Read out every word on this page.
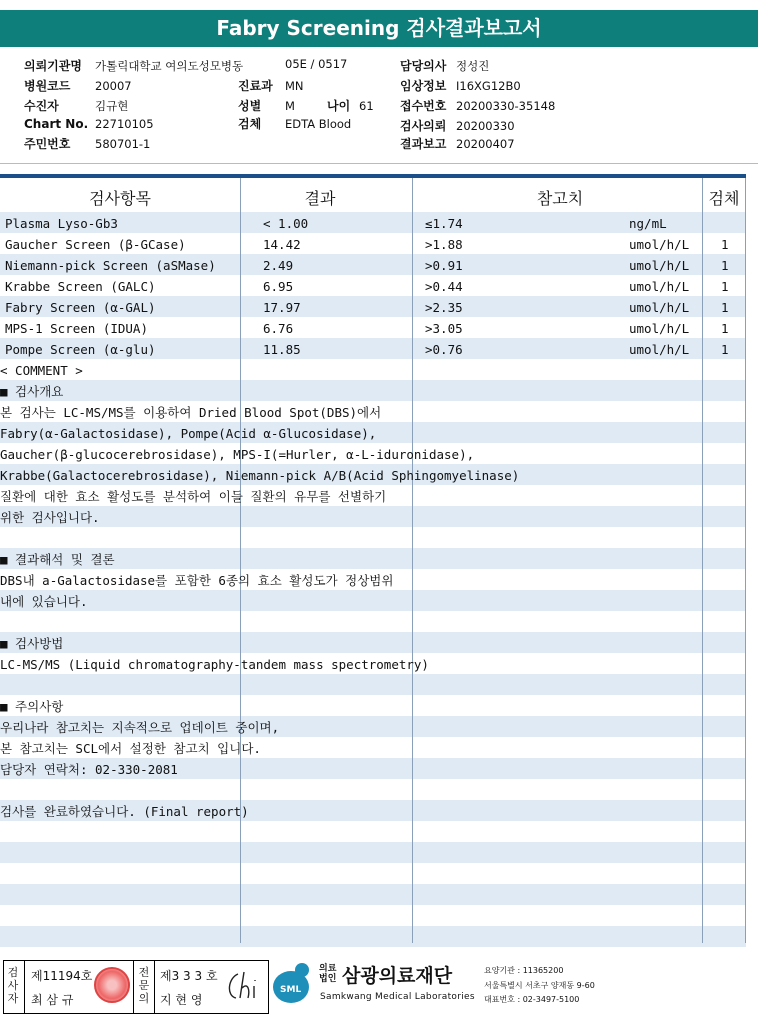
Fabry Screening 검사결과보고서
의뢰기관명 가톨릭대학교 여의도성모병동
병원코드 20007
수진자	김규현
Chart No. 22710105
주민번호 580701-1
05E / 0517
진료과 MN
성별 M
검체 EDTA Blood
나이 61
담당의사 정성진
임상정보 I16XG12B0
접수번호 20200330-35148
검사의뢰 20200330
결과보고 20200407
검사항목	결과	참고치	검체
Plasma Lyso-Gb3	< 1.00	≤1.74	ng/mL
Gaucher Screen (β-GCase)	14.42	>1.88	umol/h/L	1
Niemann-pick Screen (aSMase)	2.49	>0.91	umol/h/L	1
Krabbe Screen (GALC)	6.95	>0.44	umol/h/L	1
Fabry Screen (α-GAL)	17.97	>2.35	umol/h/L	1
MPS-1 Screen (IDUA)	6.76	>3.05	umol/h/L	1
Pompe Screen (α-glu)	11.85	>0.76	umol/h/L	1
< COMMENT >
■ 검사개요
본 검사는 LC-MS/MS를 이용하여 Dried Blood Spot(DBS)에서
Fabry(α-Galactosidase), Pompe(Acid α-Glucosidase),
Gaucher(β-glucocerebrosidase), MPS-I(=Hurler, α-L-iduronidase),
Krabbe(Galactocerebrosidase), Niemann-pick A/B(Acid Sphingomyelinase)
질환에 대한 효소 활성도를 분석하여 이들 질환의 유무를 선별하기
위한 검사입니다.
■ 결과해석 및 결론
DBS내 a-Galactosidase를 포함한 6종의 효소 활성도가 정상범위
내에 있습니다.
■ 검사방법
LC-MS/MS (Liquid chromatography-tandem mass spectrometry)
■ 주의사항
우리나라 참고치는 지속적으로 업데이트 중이며,
본 참고치는 SCL에서 설정한 참고치 입니다.
담당자 연락처: 02-330-2081
검사를 완료하였습니다. (Final report)
검
사
자
제11194호
최 삼 규
전
문
의
제3 3 3 호
지 현 영
SML
의료
법인 삼광의료재단
Samkwang Medical Laboratories
요양기관 : 11365200
서울특별시 서초구 양재동 9-60
대표번호 : 02-3497-5100
